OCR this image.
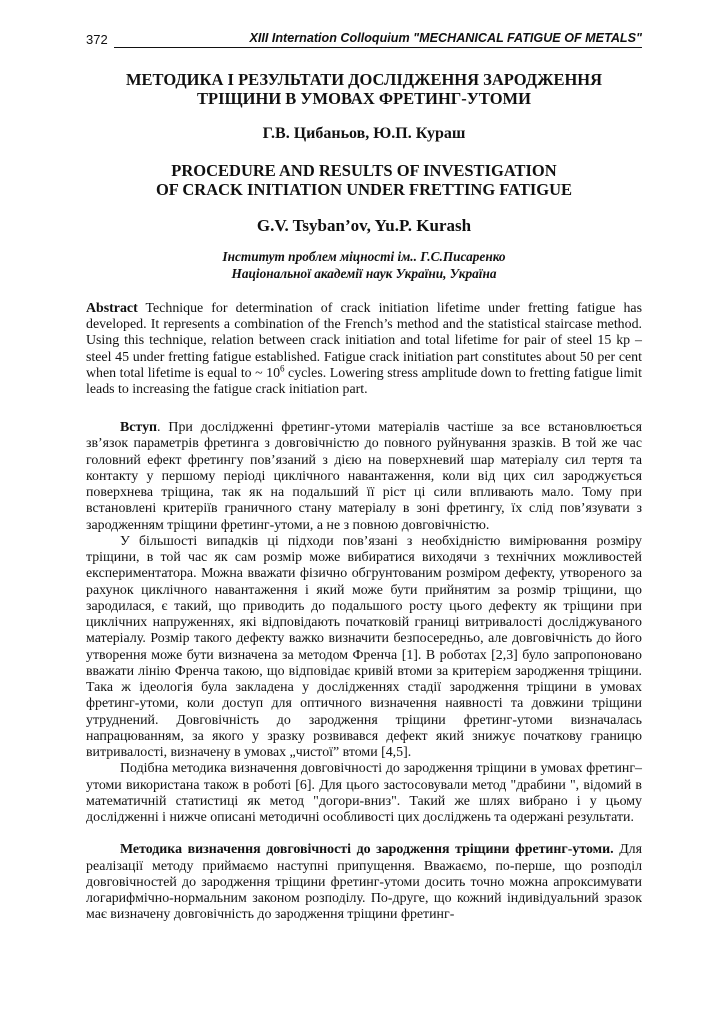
372	XIII Internation Colloquium "MECHANICAL FATIGUE OF METALS"
МЕТОДИКА І РЕЗУЛЬТАТИ ДОСЛІДЖЕННЯ ЗАРОДЖЕННЯ
ТРІЩИНИ В УМОВАХ ФРЕТИНГ-УТОМИ
Г.В. Цибаньов, Ю.П. Кураш
PROCEDURE AND RESULTS OF INVESTIGATION
OF CRACK INITIATION UNDER FRETTING FATIGUE
G.V. Tsyban’ov, Yu.P. Kurash
Інститут проблем міцності ім.. Г.С.Писаренко
Національної академії наук України, Україна
Abstract Technique for determination of crack initiation lifetime under fretting fatigue has developed. It represents a combination of the French’s method and the statistical staircase method. Using this technique, relation between crack initiation and total lifetime for pair of steel 15 kp – steel 45 under fretting fatigue established. Fatigue crack initiation part constitutes about 50 per cent when total lifetime is equal to ~ $10^6$ cycles. Lowering stress amplitude down to fretting fatigue limit leads to increasing the fatigue crack initiation part.

Вступ. При дослідженні фретинг-утоми матеріалів частіше за все встановлюється зв’язок параметрів фретинга з довговічністю до повного руйнування зразків. В той же час головний ефект фретингу пов’язаний з дією на поверхневий шар матеріалу сил тертя та контакту у першому періоді циклічного навантаження, коли від цих сил зароджується поверхнева тріщина, так як на подальший її ріст ці сили впливають мало. Тому при встановлені критеріїв граничного стану матеріалу в зоні фретингу, їх слід пов’язувати з зародженням тріщини фретинг-утоми, а не з повною довговічністю.

У більшості випадків ці підходи пов’язані з необхідністю вимірювання розміру тріщини, в той час як сам розмір може вибиратися виходячи з технічних можливостей експериментатора. Можна вважати фізично обгрунтованим розміром дефекту, утвореного за рахунок циклічного навантаження і який може бути прийнятим за розмір тріщини, що зародилася, є такий, що приводить до подальшого росту цього дефекту як тріщини при циклічних напруженнях, які відповідають початковій границі витривалості досліджуваного матеріалу. Розмір такого дефекту важко визначити безпосередньо, але довговічність до його утворення може бути визначена за методом Френча [1]. В роботах [2,3] було запропоновано вважати лінію Френча такою, що відповідає кривій втоми за критерієм зародження тріщини. Така ж ідеологія була закладена у дослідженнях стадії зародження тріщини в умовах фретинг-утоми, коли доступ для оптичного визначення наявності та довжини тріщини утруднений. Довговічність до зародження тріщини фретинг-утоми визначалась напрацюванням, за якого у зразку розвивався дефект який знижує початкову границю витривалості, визначену в умовах „чистої” втоми [4,5].

Подібна методика визначення довговічності до зародження тріщини в умовах фретинг–утоми використана також в роботі [6]. Для цього застосовували метод "драбини ", відомий в математичній статистиці як метод "догори-вниз". Такий же шлях вибрано і у цьому дослідженні і нижче описані методичні особливості цих досліджень та одержані результати.

Методика визначення довговічності до зародження тріщини фретинг-утоми. Для реалізації методу приймаємо наступні припущення. Вважаємо, по-перше, що розподіл довговічностей до зародження тріщини фретинг-утоми досить точно можна апроксимувати логарифмічно-нормальним законом розподілу. По-друге, що кожний індивідуальний зразок має визначену довговічність до зародження тріщини фретинг-
